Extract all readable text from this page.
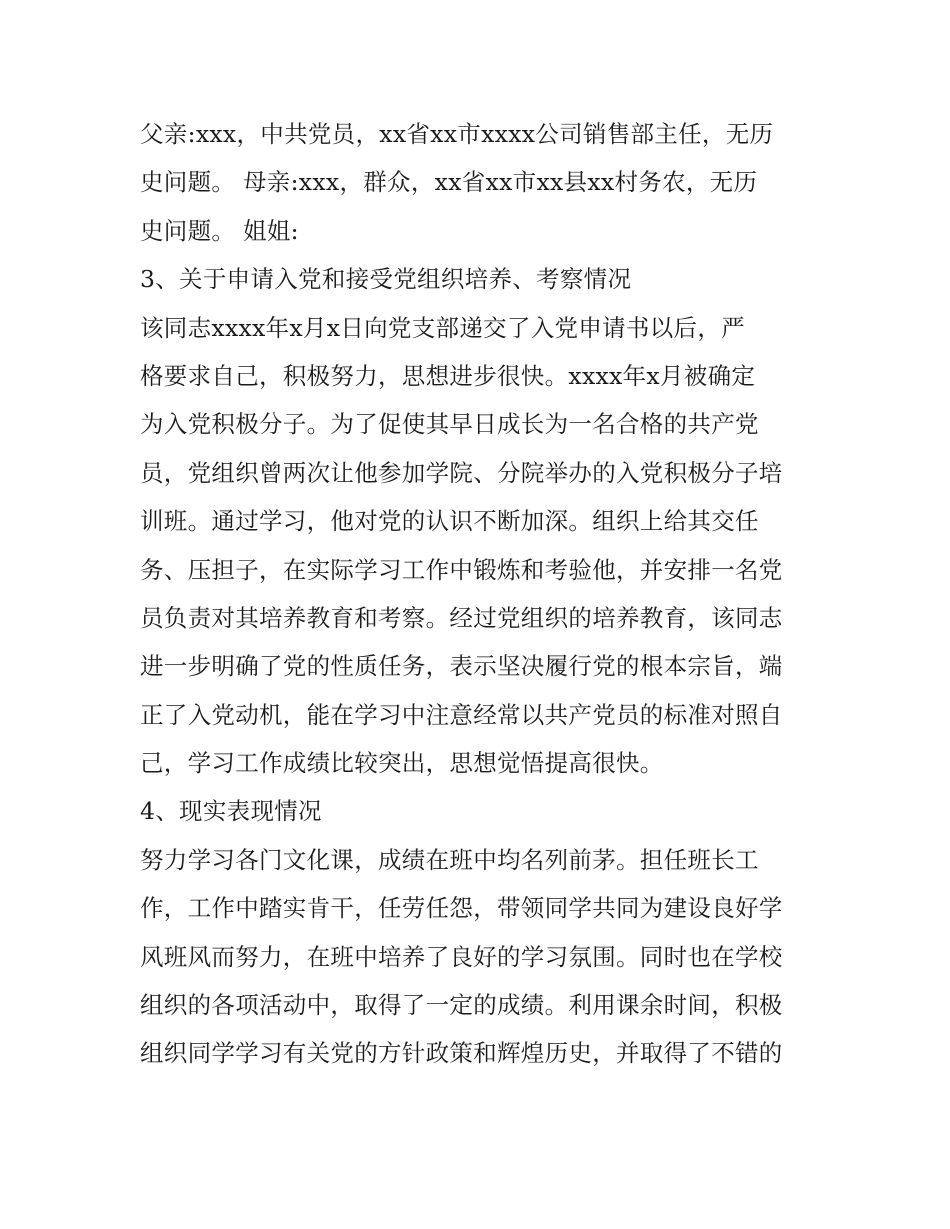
父亲:xxx，中共党员，xx省xx市xxxx公司销售部主任，无历
史问题。 母亲:xxx，群众，xx省xx市xx县xx村务农，无历
史问题。 姐姐:
3、关于申请入党和接受党组织培养、考察情况
该同志xxxx年x月x日向党支部递交了入党申请书以后，严
格要求自己，积极努力，思想进步很快。xxxx年x月被确定
为入党积极分子。为了促使其早日成长为一名合格的共产党
员，党组织曾两次让他参加学院、分院举办的入党积极分子培
训班。通过学习，他对党的认识不断加深。组织上给其交任
务、压担子，在实际学习工作中锻炼和考验他，并安排一名党
员负责对其培养教育和考察。经过党组织的培养教育，该同志
进一步明确了党的性质任务，表示坚决履行党的根本宗旨，端
正了入党动机，能在学习中注意经常以共产党员的标准对照自
己，学习工作成绩比较突出，思想觉悟提高很快。
4、现实表现情况
努力学习各门文化课，成绩在班中均名列前茅。担任班长工
作，工作中踏实肯干，任劳任怨，带领同学共同为建设良好学
风班风而努力，在班中培养了良好的学习氛围。同时也在学校
组织的各项活动中，取得了一定的成绩。利用课余时间，积极
组织同学学习有关党的方针政策和辉煌历史，并取得了不错的
